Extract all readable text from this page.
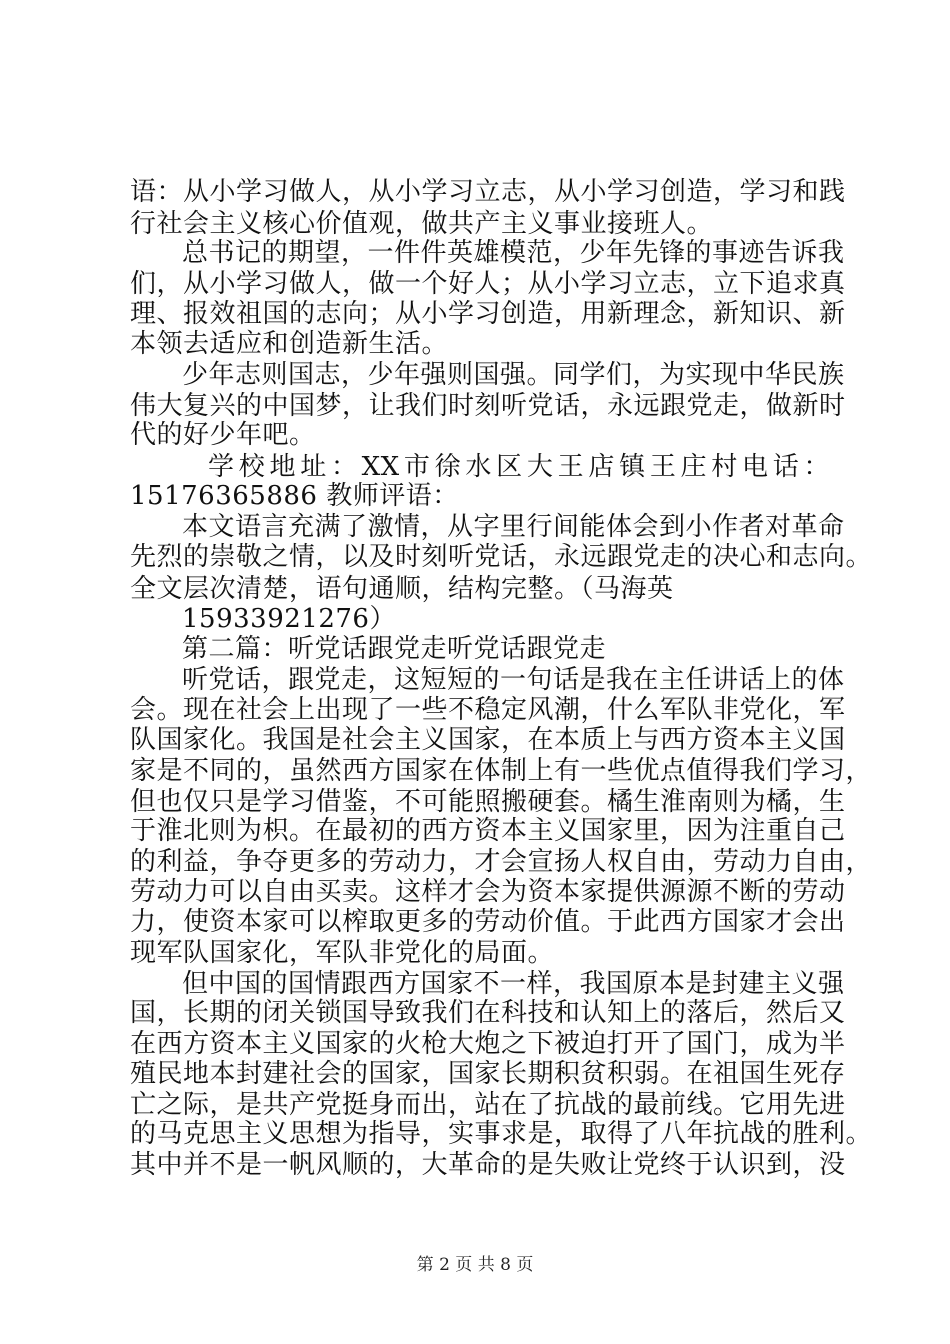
语：从小学习做人，从小学习立志，从小学习创造，学习和践
行社会主义核心价值观，做共产主义事业接班人。
总书记的期望，一件件英雄模范，少年先锋的事迹告诉我
们，从小学习做人，做一个好人；从小学习立志，立下追求真
理、报效祖国的志向；从小学习创造，用新理念，新知识、新
本领去适应和创造新生活。
少年志则国志，少年强则国强。同学们，为实现中华民族
伟大复兴的中国梦，让我们时刻听党话，永远跟党走，做新时
代的好少年吧。
学校地址：XX市徐水区大王店镇王庄村电话：
15176365886 教师评语：
本文语言充满了激情，从字里行间能体会到小作者对革命
先烈的崇敬之情，以及时刻听党话，永远跟党走的决心和志向。
全文层次清楚，语句通顺，结构完整。（马海英
15933921276）
第二篇：听党话跟党走听党话跟党走
听党话，跟党走，这短短的一句话是我在主任讲话上的体
会。现在社会上出现了一些不稳定风潮，什么军队非党化，军
队国家化。我国是社会主义国家，在本质上与西方资本主义国
家是不同的，虽然西方国家在体制上有一些优点值得我们学习，
但也仅只是学习借鉴，不可能照搬硬套。橘生淮南则为橘，生
于淮北则为枳。在最初的西方资本主义国家里，因为注重自己
的利益，争夺更多的劳动力，才会宣扬人权自由，劳动力自由，
劳动力可以自由买卖。这样才会为资本家提供源源不断的劳动
力，使资本家可以榨取更多的劳动价值。于此西方国家才会出
现军队国家化，军队非党化的局面。
但中国的国情跟西方国家不一样，我国原本是封建主义强
国，长期的闭关锁国导致我们在科技和认知上的落后，然后又
在西方资本主义国家的火枪大炮之下被迫打开了国门，成为半
殖民地本封建社会的国家，国家长期积贫积弱。在祖国生死存
亡之际，是共产党挺身而出，站在了抗战的最前线。它用先进
的马克思主义思想为指导，实事求是，取得了八年抗战的胜利。
其中并不是一帆风顺的，大革命的是失败让党终于认识到，没
第 2 页 共 8 页
